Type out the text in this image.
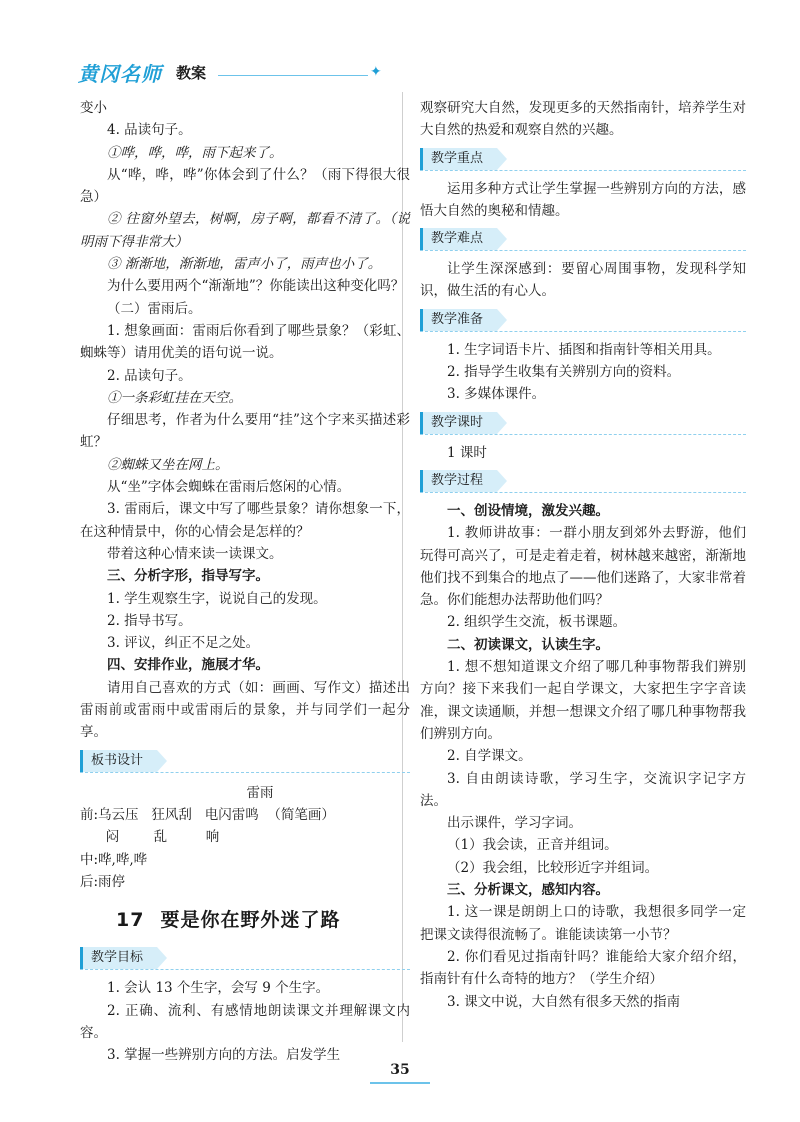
黄冈名师 教案	✦

变小

4. 品读句子。

①哗，哗，哗，雨下起来了。

从“哗，哗，哗”你体会到了什么？（雨下得很大很急）

② 往窗外望去，树啊，房子啊，都看不清了。（说明雨下得非常大）

③ 渐渐地，渐渐地，雷声小了，雨声也小了。

为什么要用两个“渐渐地”？你能读出这种变化吗？

（二）雷雨后。

1. 想象画面：雷雨后你看到了哪些景象？（彩虹、蜘蛛等）请用优美的语句说一说。

2. 品读句子。

①一条彩虹挂在天空。

仔细思考，作者为什么要用“挂”这个字来买描述彩虹？

②蜘蛛又坐在网上。

从“坐”字体会蜘蛛在雷雨后悠闲的心情。

3. 雷雨后，课文中写了哪些景象？请你想象一下，在这种情景中，你的心情会是怎样的？

带着这种心情来读一读课文。

三、分析字形，指导写字。

1. 学生观察生字，说说自己的发现。

2. 指导书写。

3. 评议，纠正不足之处。

四、安排作业，施展才华。

请用自己喜欢的方式（如：画画、写作文）描述出雷雨前或雷雨中或雷雨后的景象，并与同学们一起分享。

板书设计
雷雨
前:乌云压   狂风刮   电闪雷鸣  （简笔画）
闷        乱         响
中:哗,哗,哗
后:雨停
17 要是你在野外迷了路
教学目标

1. 会认 13 个生字，会写 9 个生字。

2. 正确、流利、有感情地朗读课文并理解课文内容。

3. 掌握一些辨别方向的方法。启发学生

观察研究大自然，发现更多的天然指南针，培养学生对大自然的热爱和观察自然的兴趣。

教学重点

运用多种方式让学生掌握一些辨别方向的方法，感悟大自然的奥秘和情趣。

教学难点

让学生深深感到：要留心周围事物，发现科学知识，做生活的有心人。

教学准备

1. 生字词语卡片、插图和指南针等相关用具。

2. 指导学生收集有关辨别方向的资料。

3. 多媒体课件。

教学课时

1 课时

教学过程

一、创设情境，激发兴趣。

1. 教师讲故事：一群小朋友到郊外去野游，他们玩得可高兴了，可是走着走着，树林越来越密，渐渐地他们找不到集合的地点了——他们迷路了，大家非常着急。你们能想办法帮助他们吗？

2. 组织学生交流，板书课题。

二、初读课文，认读生字。

1. 想不想知道课文介绍了哪几种事物帮我们辨别方向？接下来我们一起自学课文，大家把生字字音读准，课文读通顺，并想一想课文介绍了哪几种事物帮我们辨别方向。

2. 自学课文。

3. 自由朗读诗歌，学习生字，交流识字记字方法。

出示课件，学习字词。

（1）我会读，正音并组词。

（2）我会组，比较形近字并组词。

三、分析课文，感知内容。

1. 这一课是朗朗上口的诗歌，我想很多同学一定把课文读得很流畅了。谁能读读第一小节？

2. 你们看见过指南针吗？谁能给大家介绍介绍，指南针有什么奇特的地方？（学生介绍）

3. 课文中说，大自然有很多天然的指南

35
